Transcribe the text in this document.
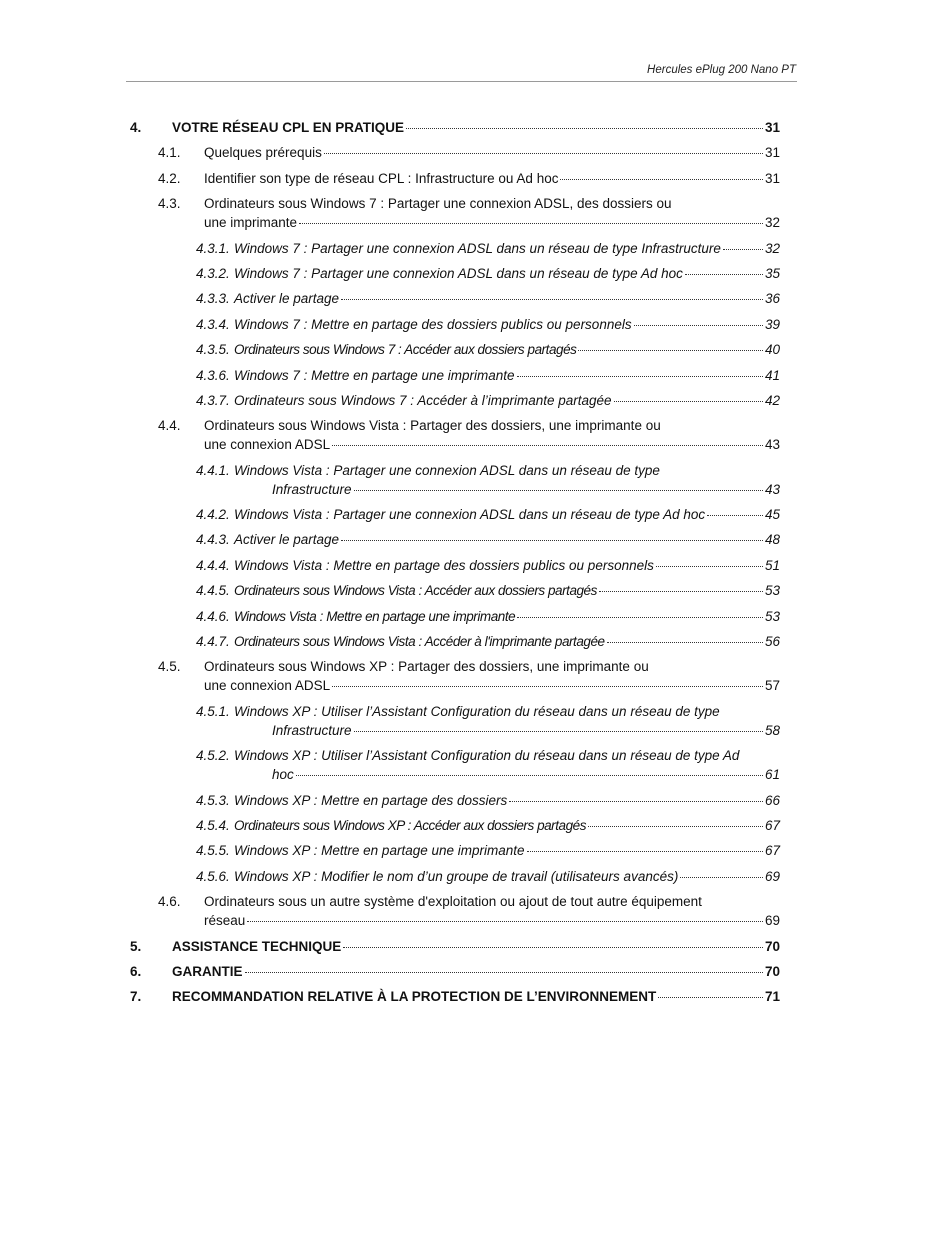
Hercules ePlug 200 Nano PT
4. VOTRE RÉSEAU CPL EN PRATIQUE	31
4.1. Quelques prérequis	31
4.2. Identifier son type de réseau CPL : Infrastructure ou Ad hoc	31
4.3. Ordinateurs sous Windows 7 : Partager une connexion ADSL, des dossiers ou
une imprimante	32
4.3.1. Windows 7 : Partager une connexion ADSL dans un réseau de type Infrastructure	32
4.3.2. Windows 7 : Partager une connexion ADSL dans un réseau de type Ad hoc	35
4.3.3. Activer le partage	36
4.3.4. Windows 7 : Mettre en partage des dossiers publics ou personnels	39
4.3.5. Ordinateurs sous Windows 7 : Accéder aux dossiers partagés	40
4.3.6. Windows 7 : Mettre en partage une imprimante	41
4.3.7. Ordinateurs sous Windows 7 : Accéder à l’imprimante partagée	42
4.4. Ordinateurs sous Windows Vista : Partager des dossiers, une imprimante ou
une connexion ADSL	43
4.4.1. Windows Vista : Partager une connexion ADSL dans un réseau de type
Infrastructure	43
4.4.2. Windows Vista : Partager une connexion ADSL dans un réseau de type Ad hoc	45
4.4.3. Activer le partage	48
4.4.4. Windows Vista : Mettre en partage des dossiers publics ou personnels	51
4.4.5. Ordinateurs sous Windows Vista : Accéder aux dossiers partagés	53
4.4.6. Windows Vista : Mettre en partage une imprimante	53
4.4.7. Ordinateurs sous Windows Vista : Accéder à l'imprimante partagée	56
4.5. Ordinateurs sous Windows XP : Partager des dossiers, une imprimante ou
une connexion ADSL	57
4.5.1. Windows XP : Utiliser l’Assistant Configuration du réseau dans un réseau de type
Infrastructure	58
4.5.2. Windows XP : Utiliser l’Assistant Configuration du réseau dans un réseau de type Ad
hoc	61
4.5.3. Windows XP : Mettre en partage des dossiers	66
4.5.4. Ordinateurs sous Windows XP : Accéder aux dossiers partagés	67
4.5.5. Windows XP : Mettre en partage une imprimante	67
4.5.6. Windows XP : Modifier le nom d’un groupe de travail (utilisateurs avancés)	69
4.6. Ordinateurs sous un autre système d'exploitation ou ajout de tout autre équipement
réseau	69
5. ASSISTANCE TECHNIQUE	70
6. GARANTIE	70
7. RECOMMANDATION RELATIVE À LA PROTECTION DE L’ENVIRONNEMENT	71
